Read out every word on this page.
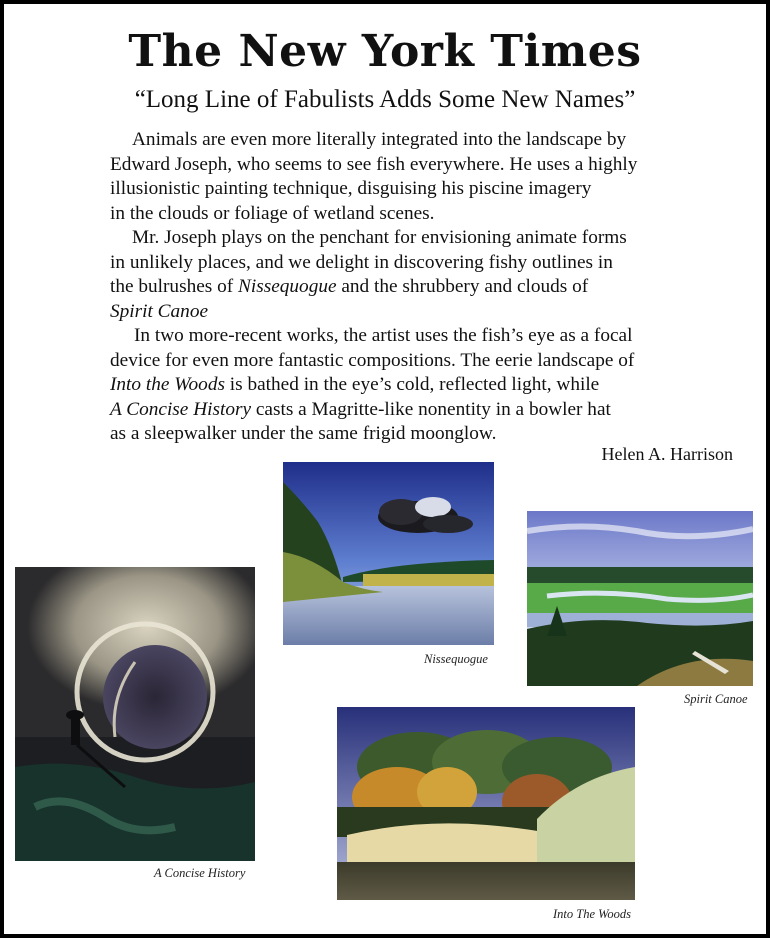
The New York Times
“Long Line of Fabulists Adds Some New Names”
Animals are even more literally integrated into the landscape by
Edward Joseph, who seems to see fish everywhere. He uses a highly
illusionistic painting technique, disguising his piscine imagery
in the clouds or foliage of wetland scenes.
Mr. Joseph plays on the penchant for envisioning animate forms
in unlikely places, and we delight in discovering fishy outlines in
the bulrushes of Nissequogue and the shrubbery and clouds of
Spirit Canoe
In two more-recent works, the artist uses the fish’s eye as a focal
device for even more fantastic compositions. The eerie landscape of
Into the Woods is bathed in the eye’s cold, reflected light, while
A Concise History casts a Magritte-like nonentity in a bowler hat
as a sleepwalker under the same frigid moonglow.
Helen A. Harrison
Nissequogue
Spirit Canoe
A Concise History
Into The Woods
